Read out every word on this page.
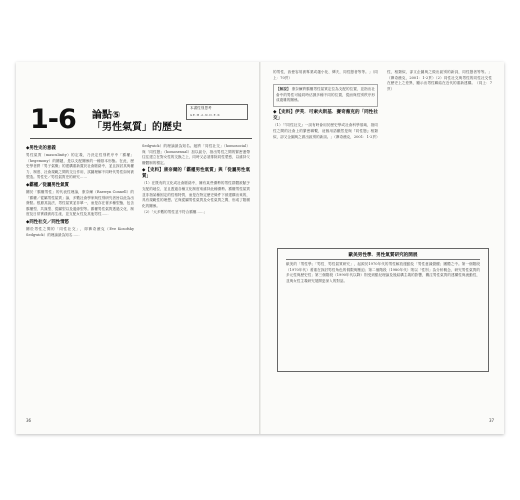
1-6 論點⑤
「男性氣質」的歷史
本書性別思考
GE·M·A·N·D·E·R
◆男性史的意義

男性氣質（masculinity）的定義，乃決定性別秩序中「霸權」（hegemony）的關鍵，是以支配關係的一種基本形態。在此，歷史學者將「男子氣概」的建構重新置於社會脈絡中，並且探討其與權力、制度、社會規範之間的交互作用，試圖理解不同時代男性如何被塑造。男性史／男性氣質史的研究……

◆霸權／從屬男性氣質

關於「霸權男性」的代表性理論，康奈爾（Raewyn Connell）的「霸權／從屬男性氣質」論，多數社會學家與性別研究者皆以此為出發點。根據其說法，男性氣質並非單一，而是存在著多種型態，包含霸權型、共謀型、從屬型以及邊緣型等。霸權男性氣質透過文化、制度及日常實踐被再生產，並支配女性及其他男性……

◆同性社交／同性情慾

關於男性之間的「同性社交」，即賽奇薇克（Eve Kosofsky Sedgwick）的理論最為知名……

Sedgwick）的理論最為知名。她將「同性社交」（homosocial）與「同性戀」（homosexual）加以區分，指出男性之間的緊密連帶往往建立在對女性的交換之上，同時又必須排除同性愛慾，以維持父權體制的穩定。

◆【史料】康奈爾的「霸權男性氣質」與「從屬男性氣質」

（1）在既有的文化或社會脈絡中，擁有某些優勢的男性群體被賦予支配的地位，並且透過各種文化制度來維持此種優勢。霸權男性氣質並非指某種固定的性格特質，而是在特定歷史條件下被建構出來的，具有規範性的理想。它與從屬男性氣質及女性氣質之間，形成了階層化的關係。

（2）「大多數的男性並不符合霸權……」

36

的男性，致使容易被專業或趨小化、傳夫，同性戀者等等。」（同上：70頁）

【解說】 康奈爾將霸權男性氣質定位為支配的位置，並指出社會中的男性可能同時佔據多種不同的位置，從而與性別秩序形成複雜的關係。
◆【史料】伊芙．可索夫斯基．賽奇薇克的「同性社交」

（1）「『同性社交』一詞有時會用於歷史學或社會科學領域，指同性之間的社會上的緊密聯繫，這個用語顯然是與『同性戀』相類似，卻又企圖與之做出區別的新詞。」（賽奇薇克，2001：1-2頁）

性，相類似，卻又企圖與之做出區別的新詞，同性戀者等等。」（賽奇薇克，2001：1-2頁）（2）同性社交與男性的同性社交性在歷史上之差異，顯示出男性聯結在近代的重新建構。（同上：7頁）

37
歐美男性學．男性氣質研究的開展
歐美的「男性學」「男性．男性氣質研究」，起源於1970年代的男性解放運動及「男性意識覺醒」團體之中。第一個階段（1970年代）著重在探討男性角色的侷限與壓迫；第二個階段（1980年代）則以「性別」為分析概念，研究男性氣質的多元性與歷史性；第三個階段（1990年代以降）則受到酷兒理論及後結構主義的影響，關注男性氣質的建構性與流動性，並與女性主義研究展開更深入的對話。
